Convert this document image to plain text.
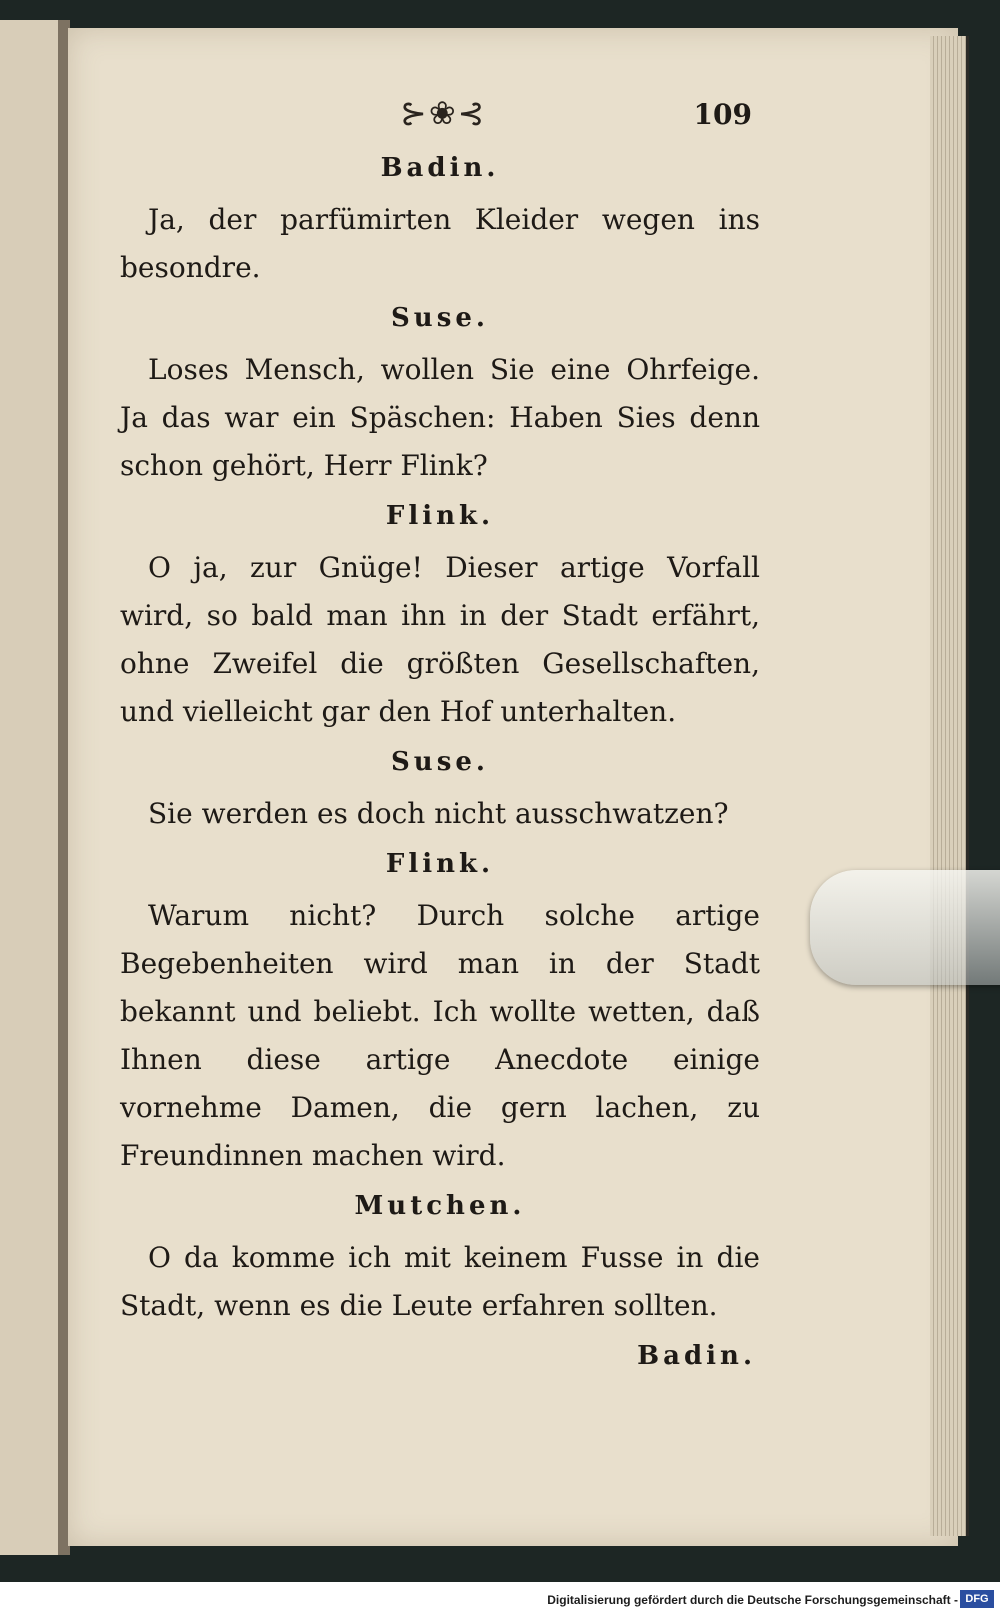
⊱❀⊰	109
Badin.

Ja, der parfümirten Kleider wegen ins besondre.

Suse.

Loses Mensch, wollen Sie eine Ohrfeige. Ja das war ein Späschen: Haben Sies denn schon gehört, Herr Flink?

Flink.

O ja, zur Gnüge! Dieser artige Vorfall wird, so bald man ihn in der Stadt erfährt, ohne Zweifel die größten Gesellschaften, und vielleicht gar den Hof unterhalten.

Suse.

Sie werden es doch nicht ausschwatzen?

Flink.

Warum nicht? Durch solche artige Begebenheiten wird man in der Stadt bekannt und beliebt. Ich wollte wetten, daß Ihnen diese artige Anecdote einige vornehme Damen, die gern lachen, zu Freundinnen machen wird.

Mutchen.

O da komme ich mit keinem Fusse in die Stadt, wenn es die Leute erfahren sollten.

Badin.
Digitalisierung gefördert durch die Deutsche Forschungsgemeinschaft - DFG
